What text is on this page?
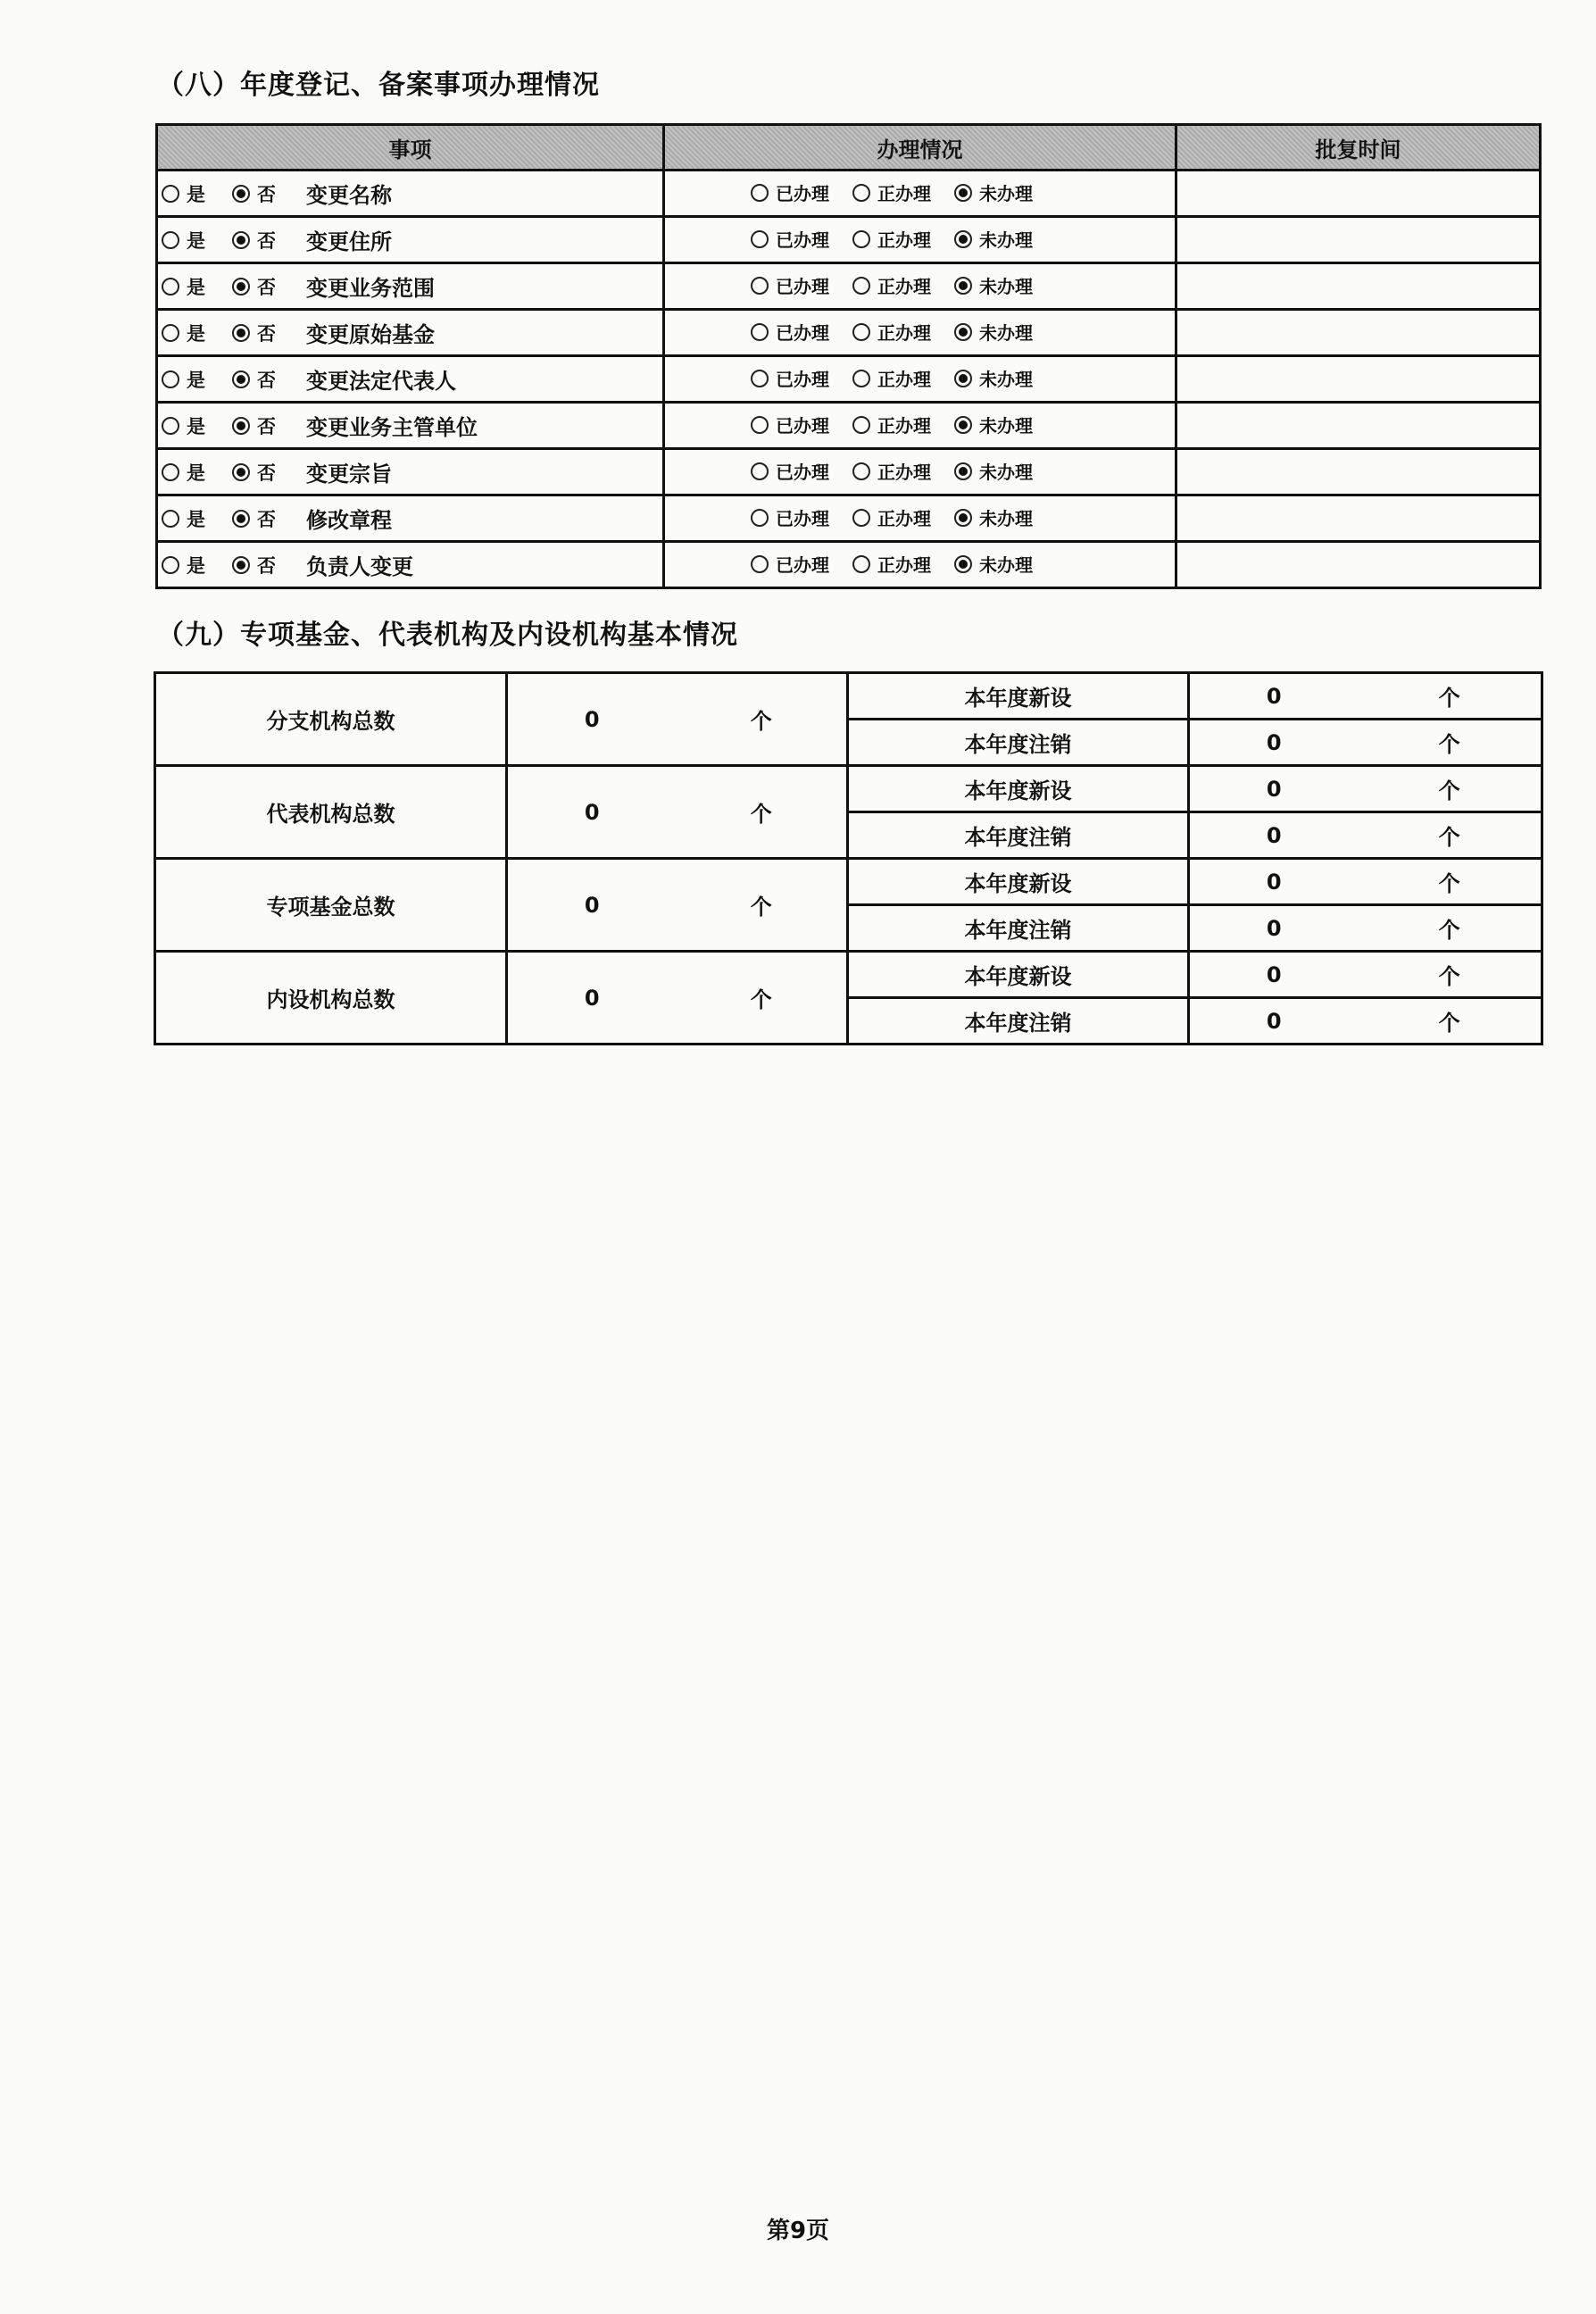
（八）年度登记、备案事项办理情况
事项	办理情况	批复时间

是 否 变更名称	已办理 正办理 未办理	

是 否 变更住所	已办理 正办理 未办理	

是 否 变更业务范围	已办理 正办理 未办理	

是 否 变更原始基金	已办理 正办理 未办理	

是 否 变更法定代表人	已办理 正办理 未办理	

是 否 变更业务主管单位	已办理 正办理 未办理	

是 否 变更宗旨	已办理 正办理 未办理	

是 否 修改章程	已办理 正办理 未办理	

是 否 负责人变更	已办理 正办理 未办理	

（九）专项基金、代表机构及内设机构基本情况
分支机构总数	0	个	本年度新设	0	个
			本年度注销	0	个
代表机构总数	0	个	本年度新设	0	个
			本年度注销	0	个
专项基金总数	0	个	本年度新设	0	个
			本年度注销	0	个
内设机构总数	0	个	本年度新设	0	个
			本年度注销	0	个
第9页
